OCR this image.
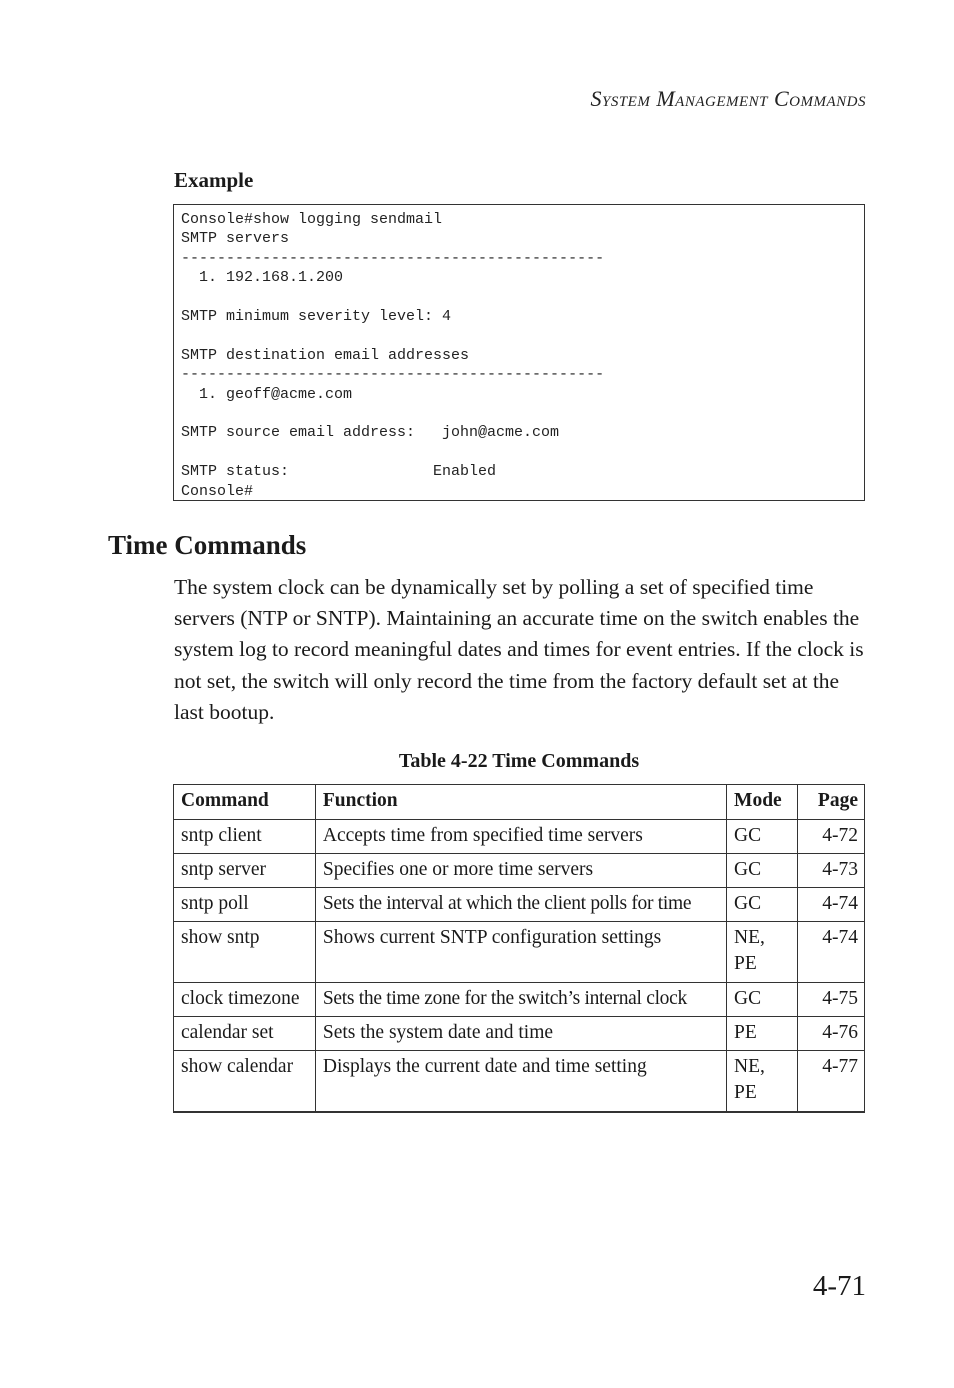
System Management Commands
Example
Console#show logging sendmail
SMTP servers
-----------------------------------------------
1. 192.168.1.200

SMTP minimum severity level: 4

SMTP destination email addresses
-----------------------------------------------
1. geoff@acme.com

SMTP source email address:   john@acme.com

SMTP status:                Enabled
Console#
Time Commands

The system clock can be dynamically set by polling a set of specified time servers (NTP or SNTP). Maintaining an accurate time on the switch enables the system log to record meaningful dates and times for event entries. If the clock is not set, the switch will only record the time from the factory default set at the last bootup.

Table 4-22 Time Commands
Command	Function	Mode	Page
sntp client	Accepts time from specified time servers	GC	4-72
sntp server	Specifies one or more time servers	GC	4-73
sntp poll	Sets the interval at which the client polls for time	GC	4-74
show sntp	Shows current SNTP configuration settings	NE, PE	4-74
clock timezone	Sets the time zone for the switch’s internal clock	GC	4-75
calendar set	Sets the system date and time	PE	4-76
show calendar	Displays the current date and time setting	NE, PE	4-77
4-71
